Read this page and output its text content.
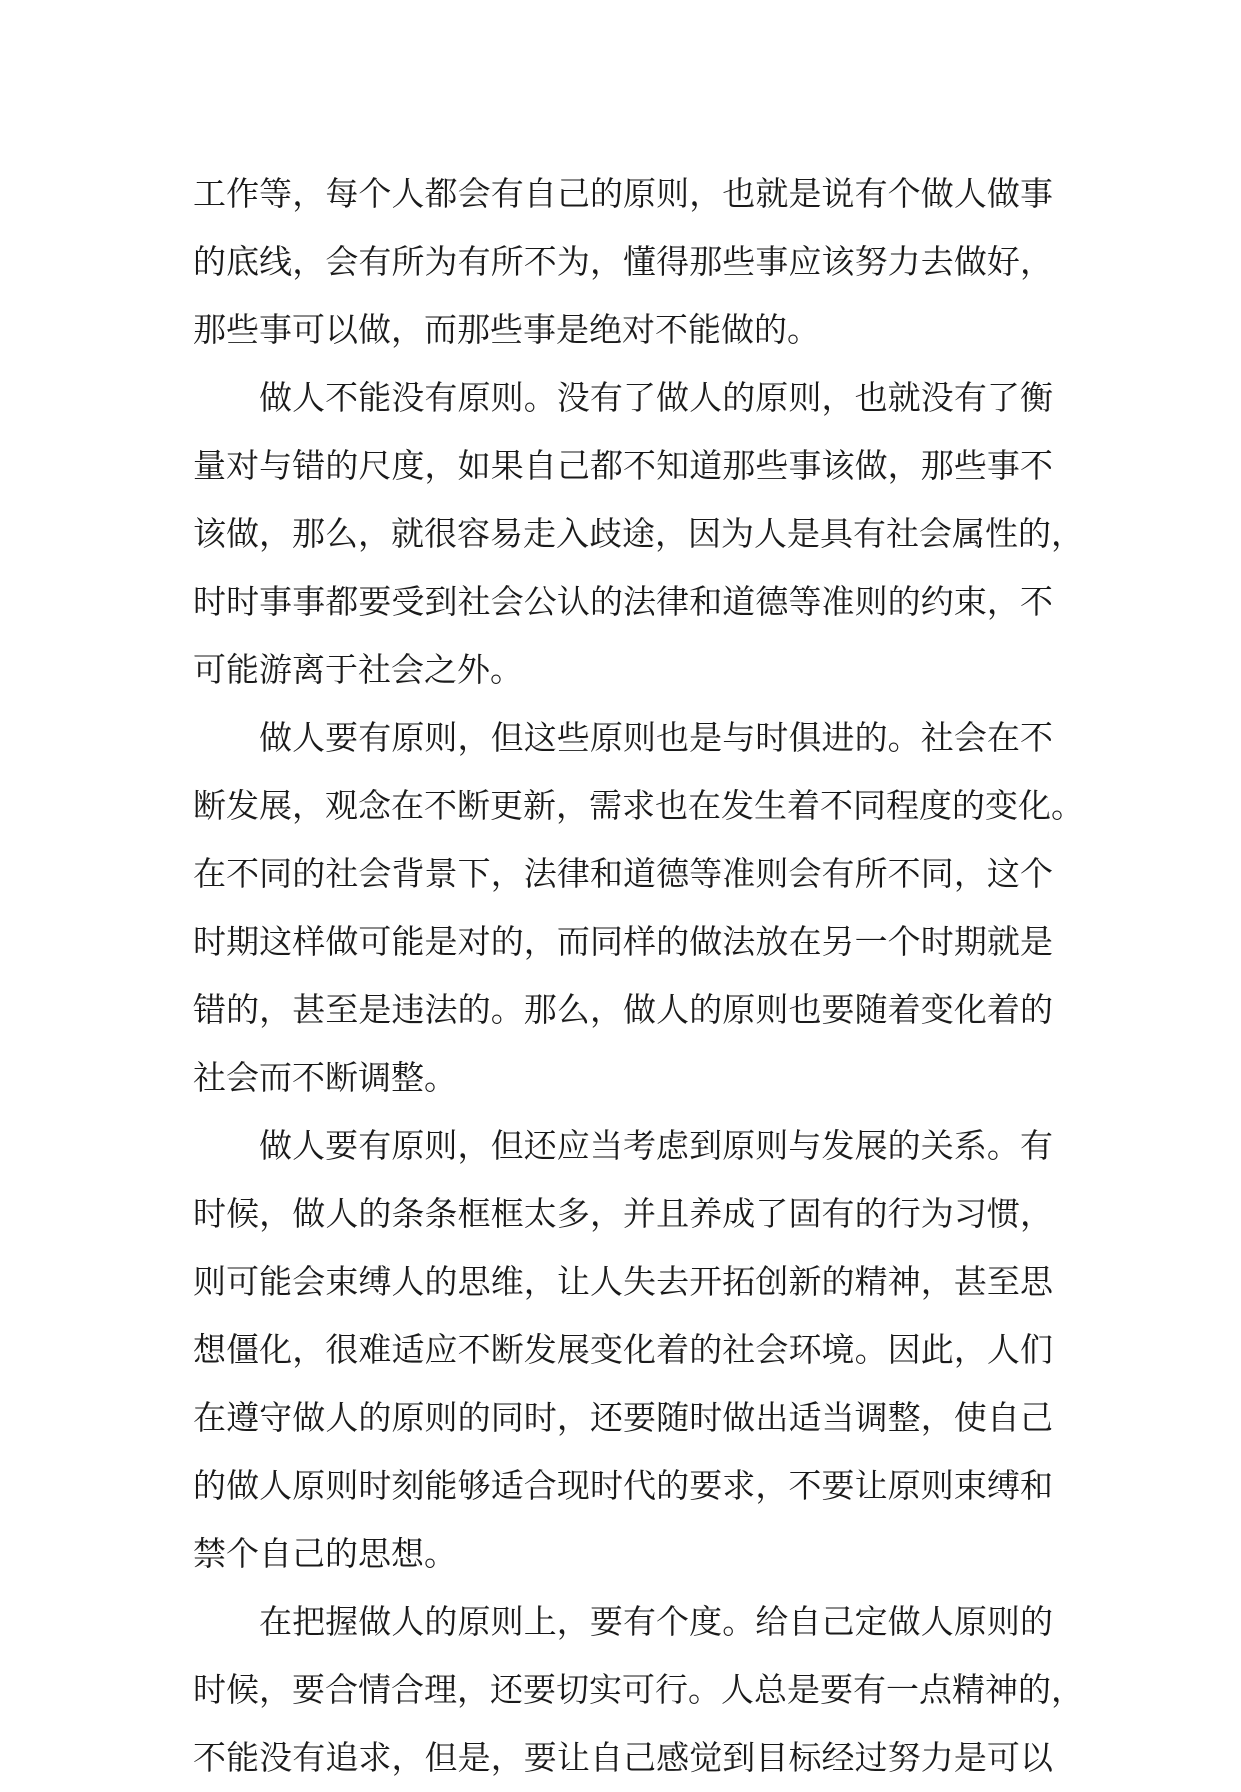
工作等，每个人都会有自己的原则，也就是说有个做人做事
的底线，会有所为有所不为，懂得那些事应该努力去做好，
那些事可以做，而那些事是绝对不能做的。
做人不能没有原则。没有了做人的原则，也就没有了衡
量对与错的尺度，如果自己都不知道那些事该做，那些事不
该做，那么，就很容易走入歧途，因为人是具有社会属性的，
时时事事都要受到社会公认的法律和道德等准则的约束，不
可能游离于社会之外。
做人要有原则，但这些原则也是与时俱进的。社会在不
断发展，观念在不断更新，需求也在发生着不同程度的变化。
在不同的社会背景下，法律和道德等准则会有所不同，这个
时期这样做可能是对的，而同样的做法放在另一个时期就是
错的，甚至是违法的。那么，做人的原则也要随着变化着的
社会而不断调整。
做人要有原则，但还应当考虑到原则与发展的关系。有
时候，做人的条条框框太多，并且养成了固有的行为习惯，
则可能会束缚人的思维，让人失去开拓创新的精神，甚至思
想僵化，很难适应不断发展变化着的社会环境。因此，人们
在遵守做人的原则的同时，还要随时做出适当调整，使自己
的做人原则时刻能够适合现时代的要求，不要让原则束缚和
禁个自己的思想。
在把握做人的原则上，要有个度。给自己定做人原则的
时候，要合情合理，还要切实可行。人总是要有一点精神的，
不能没有追求，但是，要让自己感觉到目标经过努力是可以
